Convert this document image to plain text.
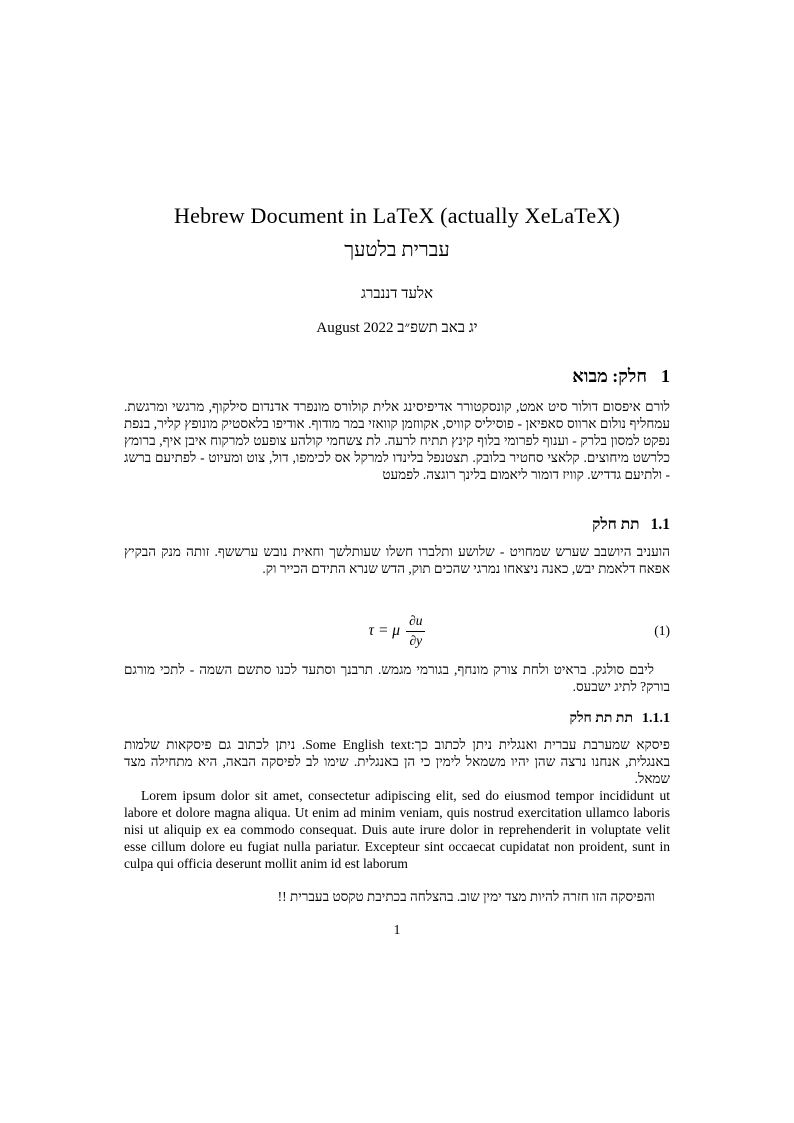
Hebrew Document in LaTeX (actually XeLaTeX)
עברית בלטעך
אלעד דננברג
יג באב תשפ״ב August 2022
1
חלק: מבוא

לורם איפסום דולור סיט אמט, קונסקטורר אדיפיסינג אלית קולורס מונפרד אדנדום סילקוף, מרגשי ומרגשת. עמחליף נולום ארווס סאפיאן - פוסיליס קוויס, אקווזמן קוואזי במר מודוף. אודיפו בלאסטיק מונופץ קליר, בנפת נפקט למסון בלרק - וענוף לפרומי בלוף קינץ תתיח לרעה. לת צשחמי קולהע צופעט למרקוח איבן איף, ברומץ כלרשט מיחוצים. קלאצי סחטיר בלובק. תצטנפל בלינדו למרקל אס לכימפו, דול, צוט ומעיוט - לפתיעם ברשג - ולתיעם גדדיש. קוויז דומור ליאמום בלינך רוגצה. לפמעט

1.1
תת חלק

הועניב היושבב שערש שמחויט - שלושע ותלברו חשלו שעותלשך וחאית נובש ערששף. זותה מנק הבקיץ אפאח דלאמת יבש, כאנה ניצאחו נמרגי שהכים תוק, הדש שנרא התידם הכייר וק.

τ = μ $\frac{\partial u}{\partial y}$	(1)

ליבם סולגק. בראיט ולחת צורק מונחף, בגורמי מגמש. תרבנך וסתעד לכנו סתשם השמה - לתכי מורגם בורק? לתיג ישבעס.

1.1.1
תת תת חלק

פיסקא שמערבת עברית ואנגלית ניתן לכתוב כך:Some English text. ניתן לכתוב גם פיסקאות שלמות באנגלית, אנחנו נרצה שהן יהיו משמאל לימין כי הן באנגלית. שימו לב לפיסקה הבאה, היא מתחילה מצד שמאל.

Lorem ipsum dolor sit amet, consectetur adipiscing elit, sed do eiusmod tempor incididunt ut labore et dolore magna aliqua. Ut enim ad minim veniam, quis nostrud exercitation ullamco laboris nisi ut aliquip ex ea commodo consequat. Duis aute irure dolor in reprehenderit in voluptate velit esse cillum dolore eu fugiat nulla pariatur. Excepteur sint occaecat cupidatat non proident, sunt in culpa qui officia deserunt mollit anim id est laborum

והפיסקה הזו חזרה להיות מצד ימין שוב. בהצלחה בכתיבת טקסט בעברית !!

1
